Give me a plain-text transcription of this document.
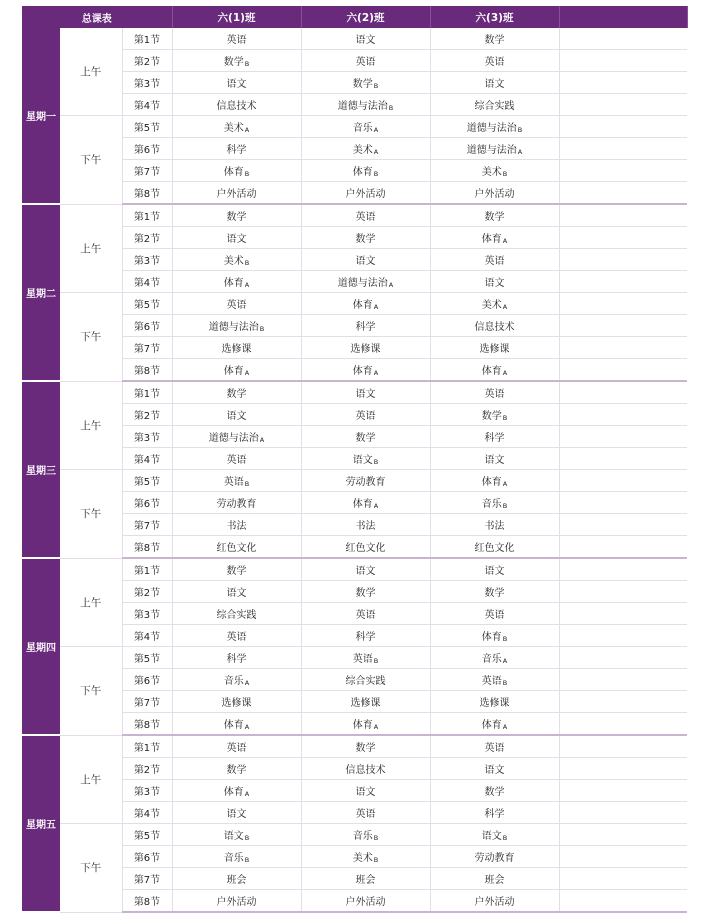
总课表			六(1)班	六(2)班	六(3)班	
星期一	上午	第1节	英语	语文	数学	
		第2节	数学B	英语	英语	
		第3节	语文	数学B	语文	
		第4节	信息技术	道德与法治B	综合实践	
	下午	第5节	美术A	音乐A	道德与法治B	
		第6节	科学	美术A	道德与法治A	
		第7节	体育B	体育B	美术B	
		第8节	户外活动	户外活动	户外活动	
星期二	上午	第1节	数学	英语	数学	
		第2节	语文	数学	体育A	
		第3节	美术B	语文	英语	
		第4节	体育A	道德与法治A	语文	
	下午	第5节	英语	体育A	美术A	
		第6节	道德与法治B	科学	信息技术	
		第7节	选修课	选修课	选修课	
		第8节	体育A	体育A	体育A	
星期三	上午	第1节	数学	语文	英语	
		第2节	语文	英语	数学B	
		第3节	道德与法治A	数学	科学	
		第4节	英语	语文B	语文	
	下午	第5节	英语B	劳动教育	体育A	
		第6节	劳动教育	体育A	音乐B	
		第7节	书法	书法	书法	
		第8节	红色文化	红色文化	红色文化	
星期四	上午	第1节	数学	语文	语文	
		第2节	语文	数学	数学	
		第3节	综合实践	英语	英语	
		第4节	英语	科学	体育B	
	下午	第5节	科学	英语B	音乐A	
		第6节	音乐A	综合实践	英语B	
		第7节	选修课	选修课	选修课	
		第8节	体育A	体育A	体育A	
星期五	上午	第1节	英语	数学	英语	
		第2节	数学	信息技术	语文	
		第3节	体育A	语文	数学	
		第4节	语文	英语	科学	
	下午	第5节	语文B	音乐B	语文B	
		第6节	音乐B	美术B	劳动教育	
		第7节	班会	班会	班会	
		第8节	户外活动	户外活动	户外活动	
